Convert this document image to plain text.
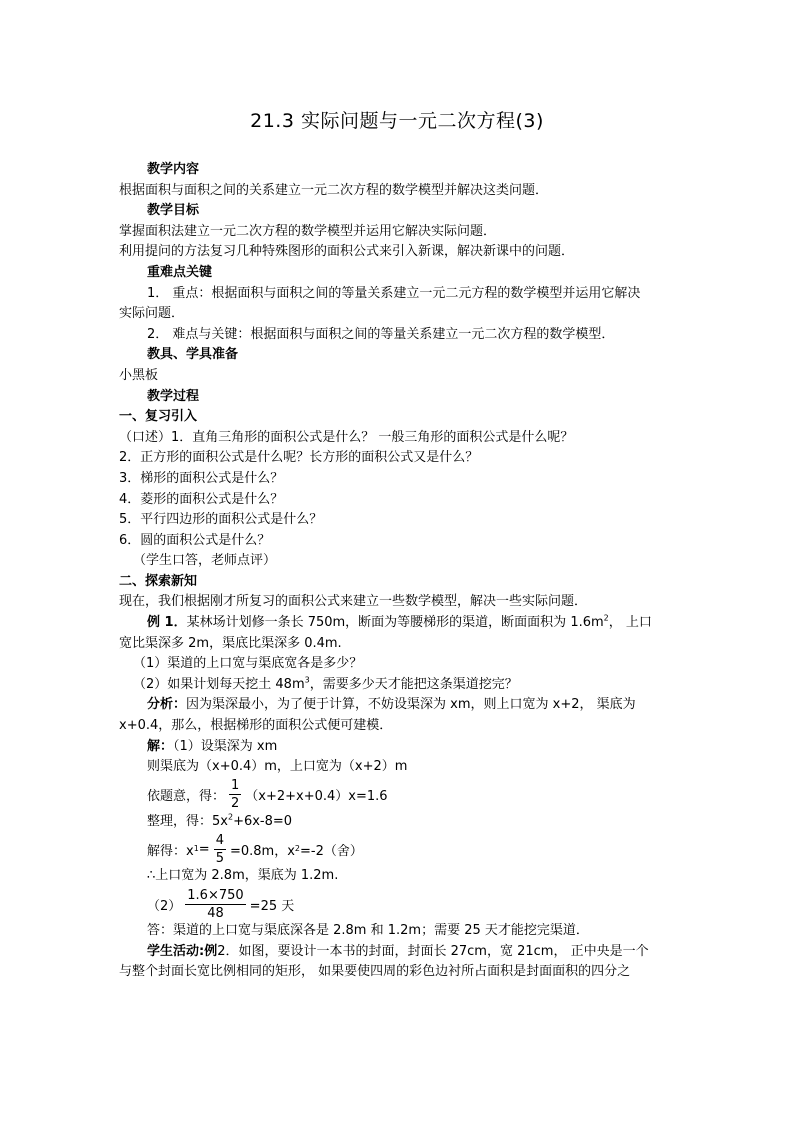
21.3 实际问题与一元二次方程(3)
教学内容
根据面积与面积之间的关系建立一元二次方程的数学模型并解决这类问题．
教学目标
掌握面积法建立一元二次方程的数学模型并运用它解决实际问题．
利用提问的方法复习几种特殊图形的面积公式来引入新课，解决新课中的问题．
重难点关键
1． 重点：根据面积与面积之间的等量关系建立一元二元方程的数学模型并运用它解决
实际问题．
2． 难点与关键：根据面积与面积之间的等量关系建立一元二次方程的数学模型．
教具、学具准备
小黑板
教学过程
一、复习引入
（口述）1．直角三角形的面积公式是什么？ 一般三角形的面积公式是什么呢？
2．正方形的面积公式是什么呢？长方形的面积公式又是什么？
3．梯形的面积公式是什么？
4．菱形的面积公式是什么？
5．平行四边形的面积公式是什么？
6．圆的面积公式是什么？
（学生口答，老师点评）
二、探索新知
现在，我们根据刚才所复习的面积公式来建立一些数学模型，解决一些实际问题．
例 1．某林场计划修一条长 750m，断面为等腰梯形的渠道，断面面积为 $1.6m^2$， 上口
宽比渠深多 2m，渠底比渠深多 0.4m.
（1）渠道的上口宽与渠底宽各是多少？
（2）如果计划每天挖土 $48m^3$，需要多少天才能把这条渠道挖完？
分析：因为渠深最小，为了便于计算，不妨设渠深为 xm，则上口宽为 x+2， 渠底为
x+0.4，那么，根据梯形的面积公式便可建模．
解：（1）设渠深为 xm
则渠底为（x+0.4）m，上口宽为（x+2）m
依题意，得： $\frac{1}{2} (x+2+x+0.4)x=1.6$
整理，得：$5x^2+6x-8=0$
解得：x $1 = \frac{4}{5} =0.8m$，x 2 =-2（舍）
∴上口宽为 2.8m，渠底为 1.2m.
$(2) \frac{1.6\times 750}{48} =25$ 天
答：渠道的上口宽与渠底深各是 2.8m 和 1.2m；需要 25 天才能挖完渠道．
学生活动:例2．如图，要设计一本书的封面，封面长 27cm，宽 21cm， 正中央是一个
与整个封面长宽比例相同的矩形， 如果要使四周的彩色边衬所占面积是封面面积的四分之
